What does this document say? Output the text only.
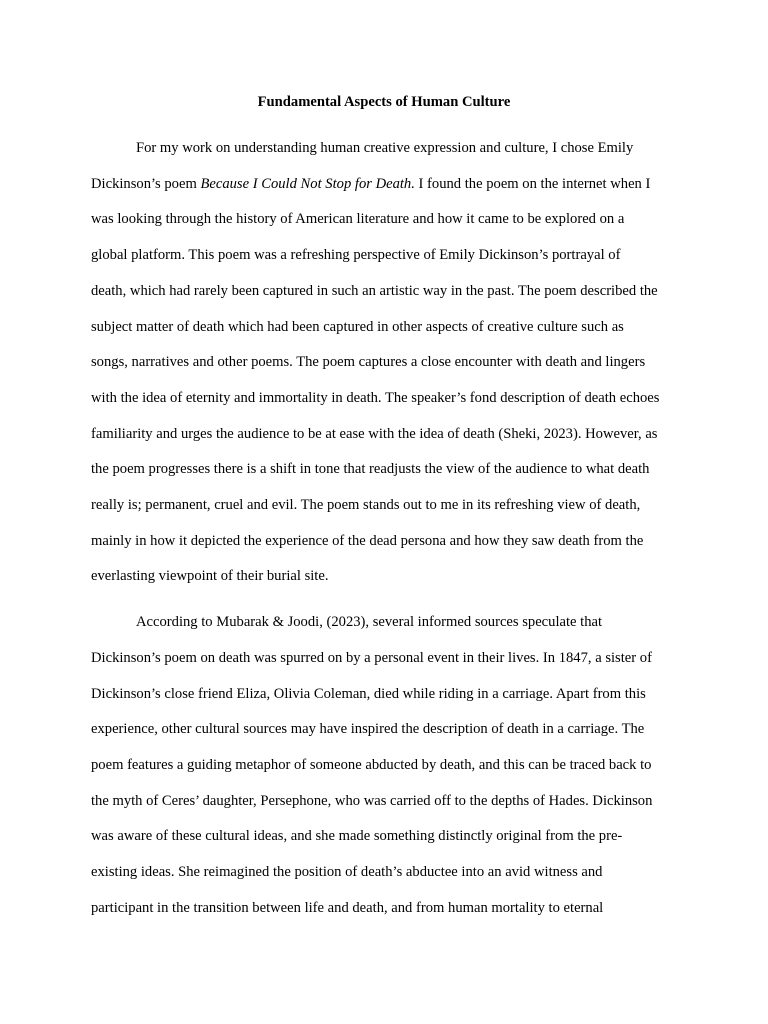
Fundamental Aspects of Human Culture
For my work on understanding human creative expression and culture, I chose Emily
Dickinson’s poem Because I Could Not Stop for Death. I found the poem on the internet when I
was looking through the history of American literature and how it came to be explored on a
global platform. This poem was a refreshing perspective of Emily Dickinson’s portrayal of
death, which had rarely been captured in such an artistic way in the past. The poem described the
subject matter of death which had been captured in other aspects of creative culture such as
songs, narratives and other poems. The poem captures a close encounter with death and lingers
with the idea of eternity and immortality in death. The speaker’s fond description of death echoes
familiarity and urges the audience to be at ease with the idea of death (Sheki, 2023). However, as
the poem progresses there is a shift in tone that readjusts the view of the audience to what death
really is; permanent, cruel and evil. The poem stands out to me in its refreshing view of death,
mainly in how it depicted the experience of the dead persona and how they saw death from the
everlasting viewpoint of their burial site.
According to Mubarak & Joodi, (2023), several informed sources speculate that
Dickinson’s poem on death was spurred on by a personal event in their lives. In 1847, a sister of
Dickinson’s close friend Eliza, Olivia Coleman, died while riding in a carriage. Apart from this
experience, other cultural sources may have inspired the description of death in a carriage. The
poem features a guiding metaphor of someone abducted by death, and this can be traced back to
the myth of Ceres’ daughter, Persephone, who was carried off to the depths of Hades. Dickinson
was aware of these cultural ideas, and she made something distinctly original from the pre-
existing ideas. She reimagined the position of death’s abductee into an avid witness and
participant in the transition between life and death, and from human mortality to eternal
